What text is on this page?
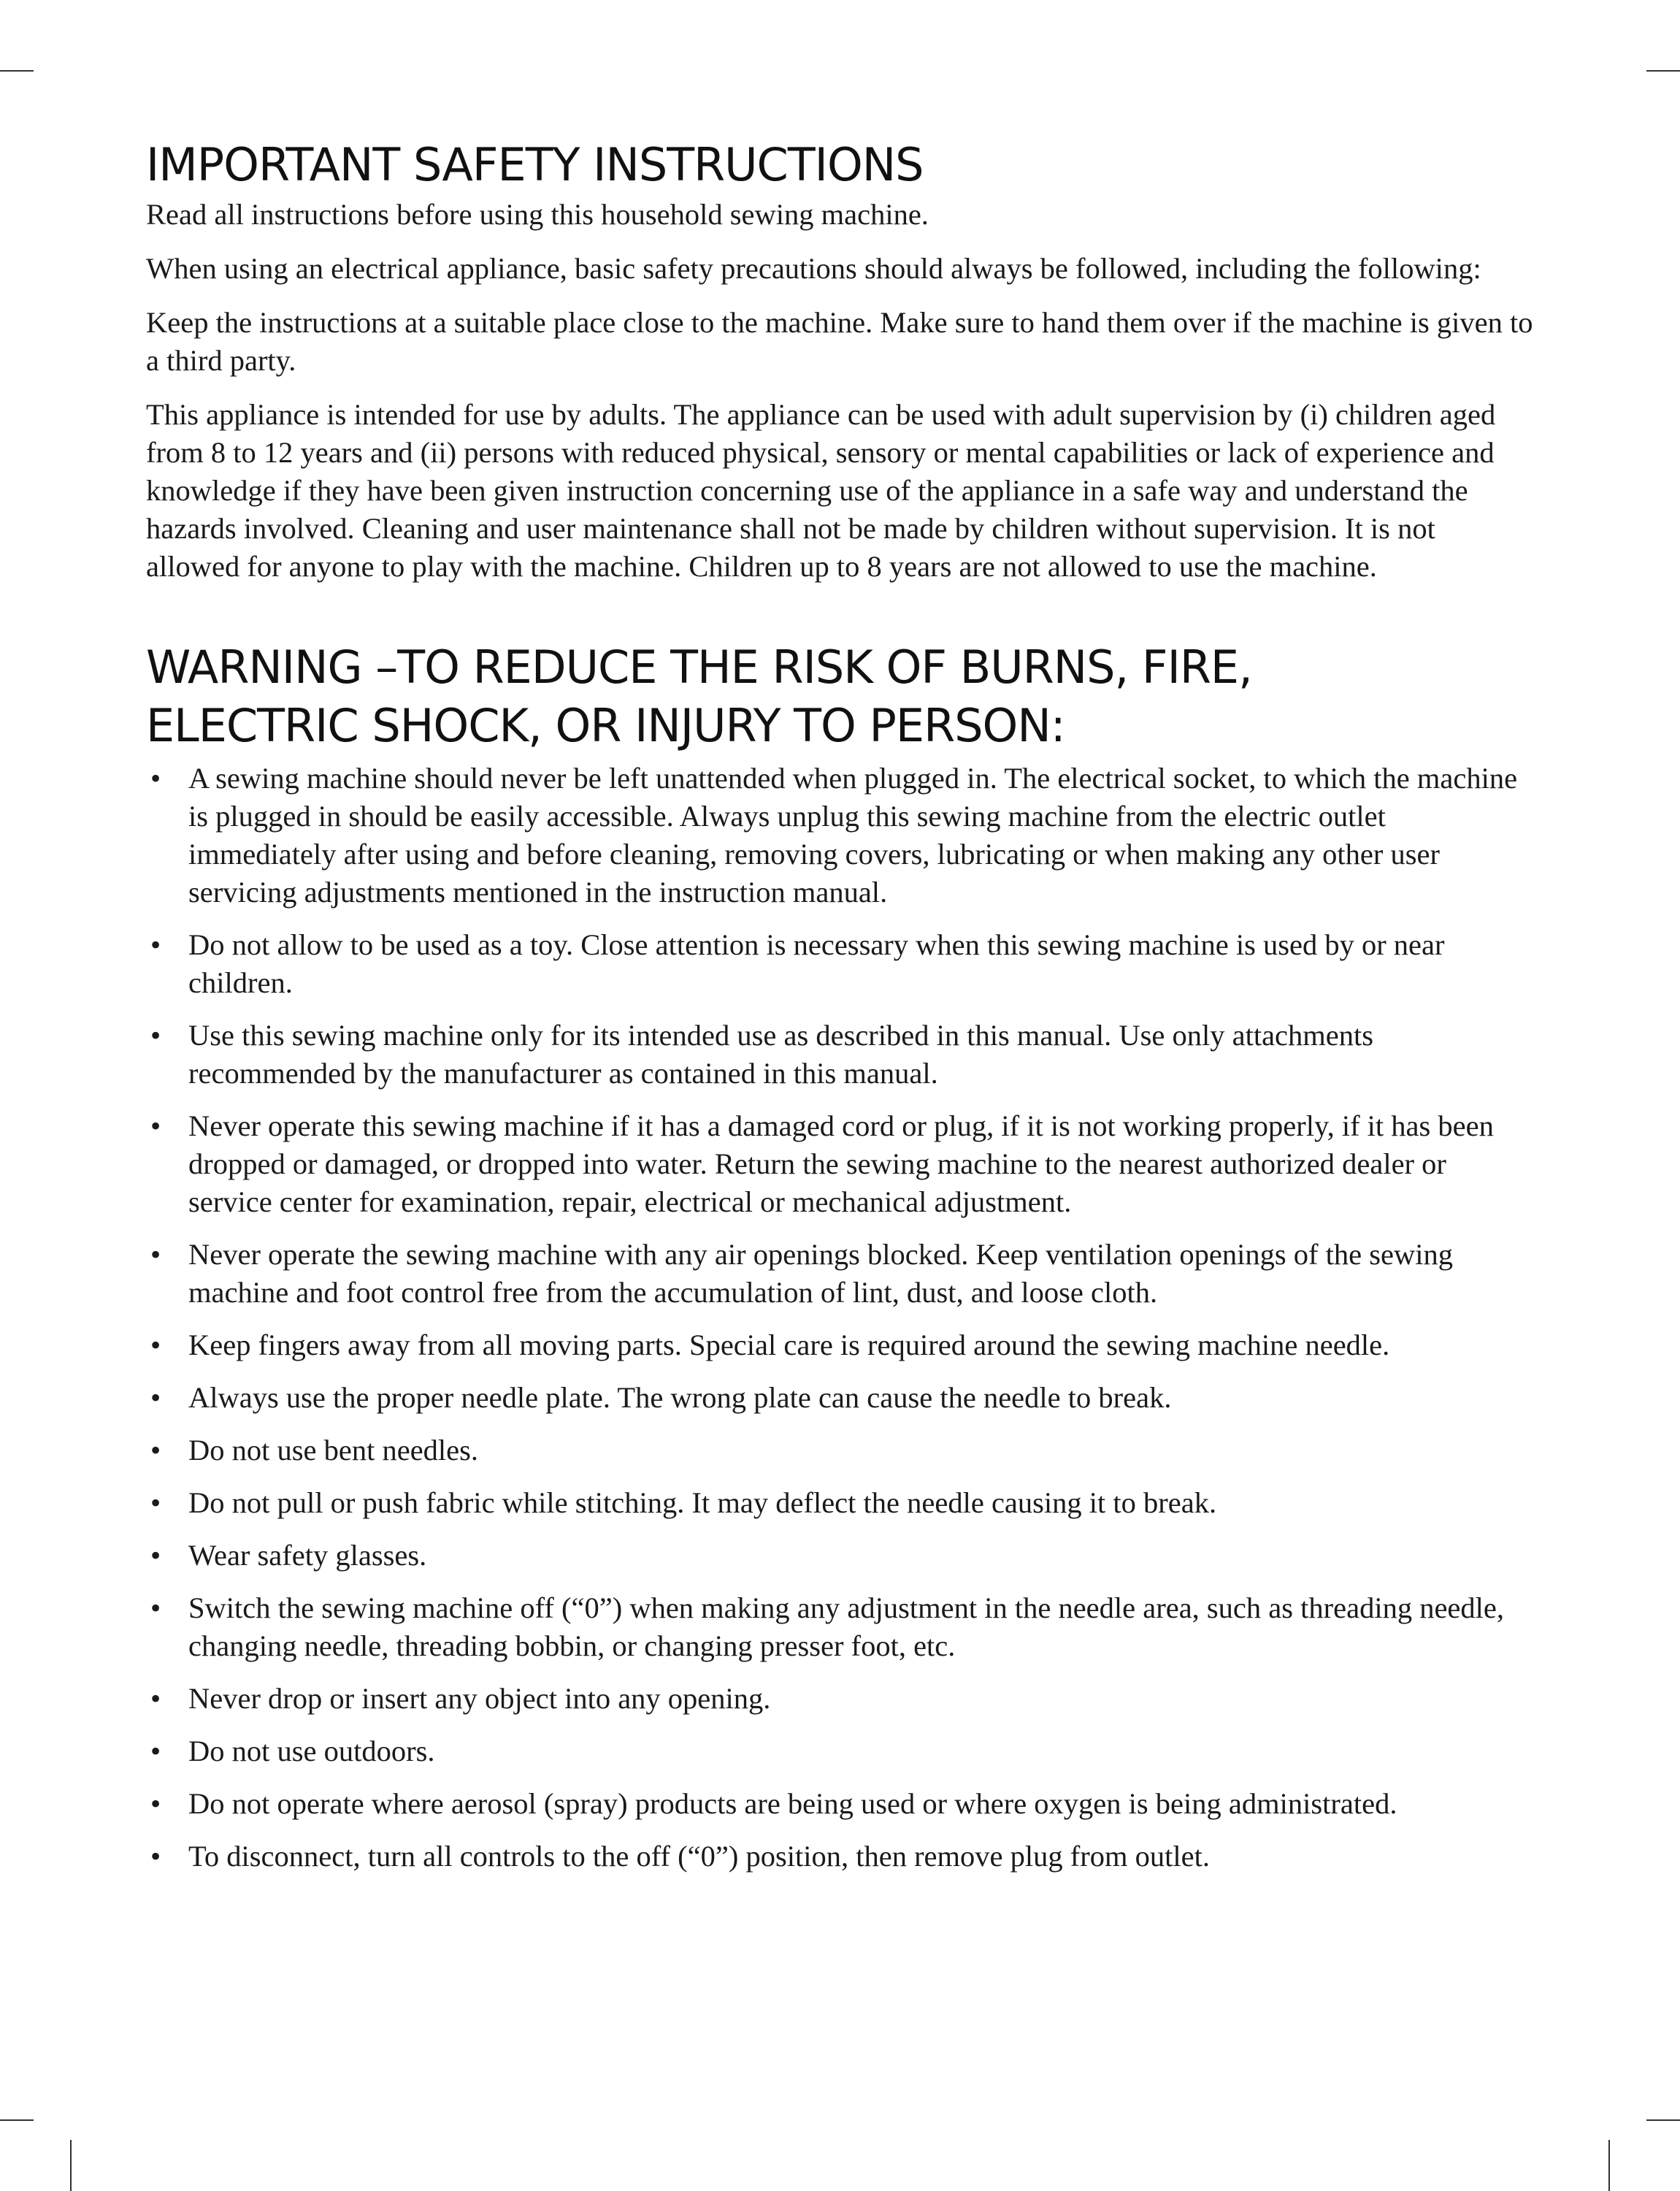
IMPORTANT SAFETY INSTRUCTIONS

Read all instructions before using this household sewing machine.

When using an electrical appliance, basic safety precautions should always be followed, including the following:

Keep the instructions at a suitable place close to the machine. Make sure to hand them over if the machine is given to a third party.

This appliance is intended for use by adults. The appliance can be used with adult supervision by (i) children aged from 8 to 12 years and (ii) persons with reduced physical, sensory or mental capabilities or lack of experience and knowledge if they have been given instruction concerning use of the appliance in a safe way and understand the hazards involved. Cleaning and user maintenance shall not be made by children without supervision. It is not allowed for anyone to play with the machine. Children up to 8 years are not allowed to use the machine.

WARNING –TO REDUCE THE RISK OF BURNS, FIRE,
ELECTRIC SHOCK, OR INJURY TO PERSON:
• A sewing machine should never be left unattended when plugged in. The electrical socket, to which the machine is plugged in should be easily accessible. Always unplug this sewing machine from the electric outlet immediately after using and before cleaning, removing covers, lubricating or when making any other user servicing adjustments mentioned in the instruction manual.
• Do not allow to be used as a toy. Close attention is necessary when this sewing machine is used by or near children.
• Use this sewing machine only for its intended use as described in this manual. Use only attachments recommended by the manufacturer as contained in this manual.
• Never operate this sewing machine if it has a damaged cord or plug, if it is not working properly, if it has been dropped or damaged, or dropped into water. Return the sewing machine to the nearest authorized dealer or service center for examination, repair, electrical or mechanical adjustment.
• Never operate the sewing machine with any air openings blocked. Keep ventilation openings of the sewing machine and foot control free from the accumulation of lint, dust, and loose cloth.
• Keep fingers away from all moving parts. Special care is required around the sewing machine needle.
• Always use the proper needle plate. The wrong plate can cause the needle to break.
• Do not use bent needles.
• Do not pull or push fabric while stitching. It may deflect the needle causing it to break.
• Wear safety glasses.
• Switch the sewing machine off (“0”) when making any adjustment in the needle area, such as threading needle, changing needle, threading bobbin, or changing presser foot, etc.
• Never drop or insert any object into any opening.
• Do not use outdoors.
• Do not operate where aerosol (spray) products are being used or where oxygen is being administrated.
• To disconnect, turn all controls to the off (“0”) position, then remove plug from outlet.
